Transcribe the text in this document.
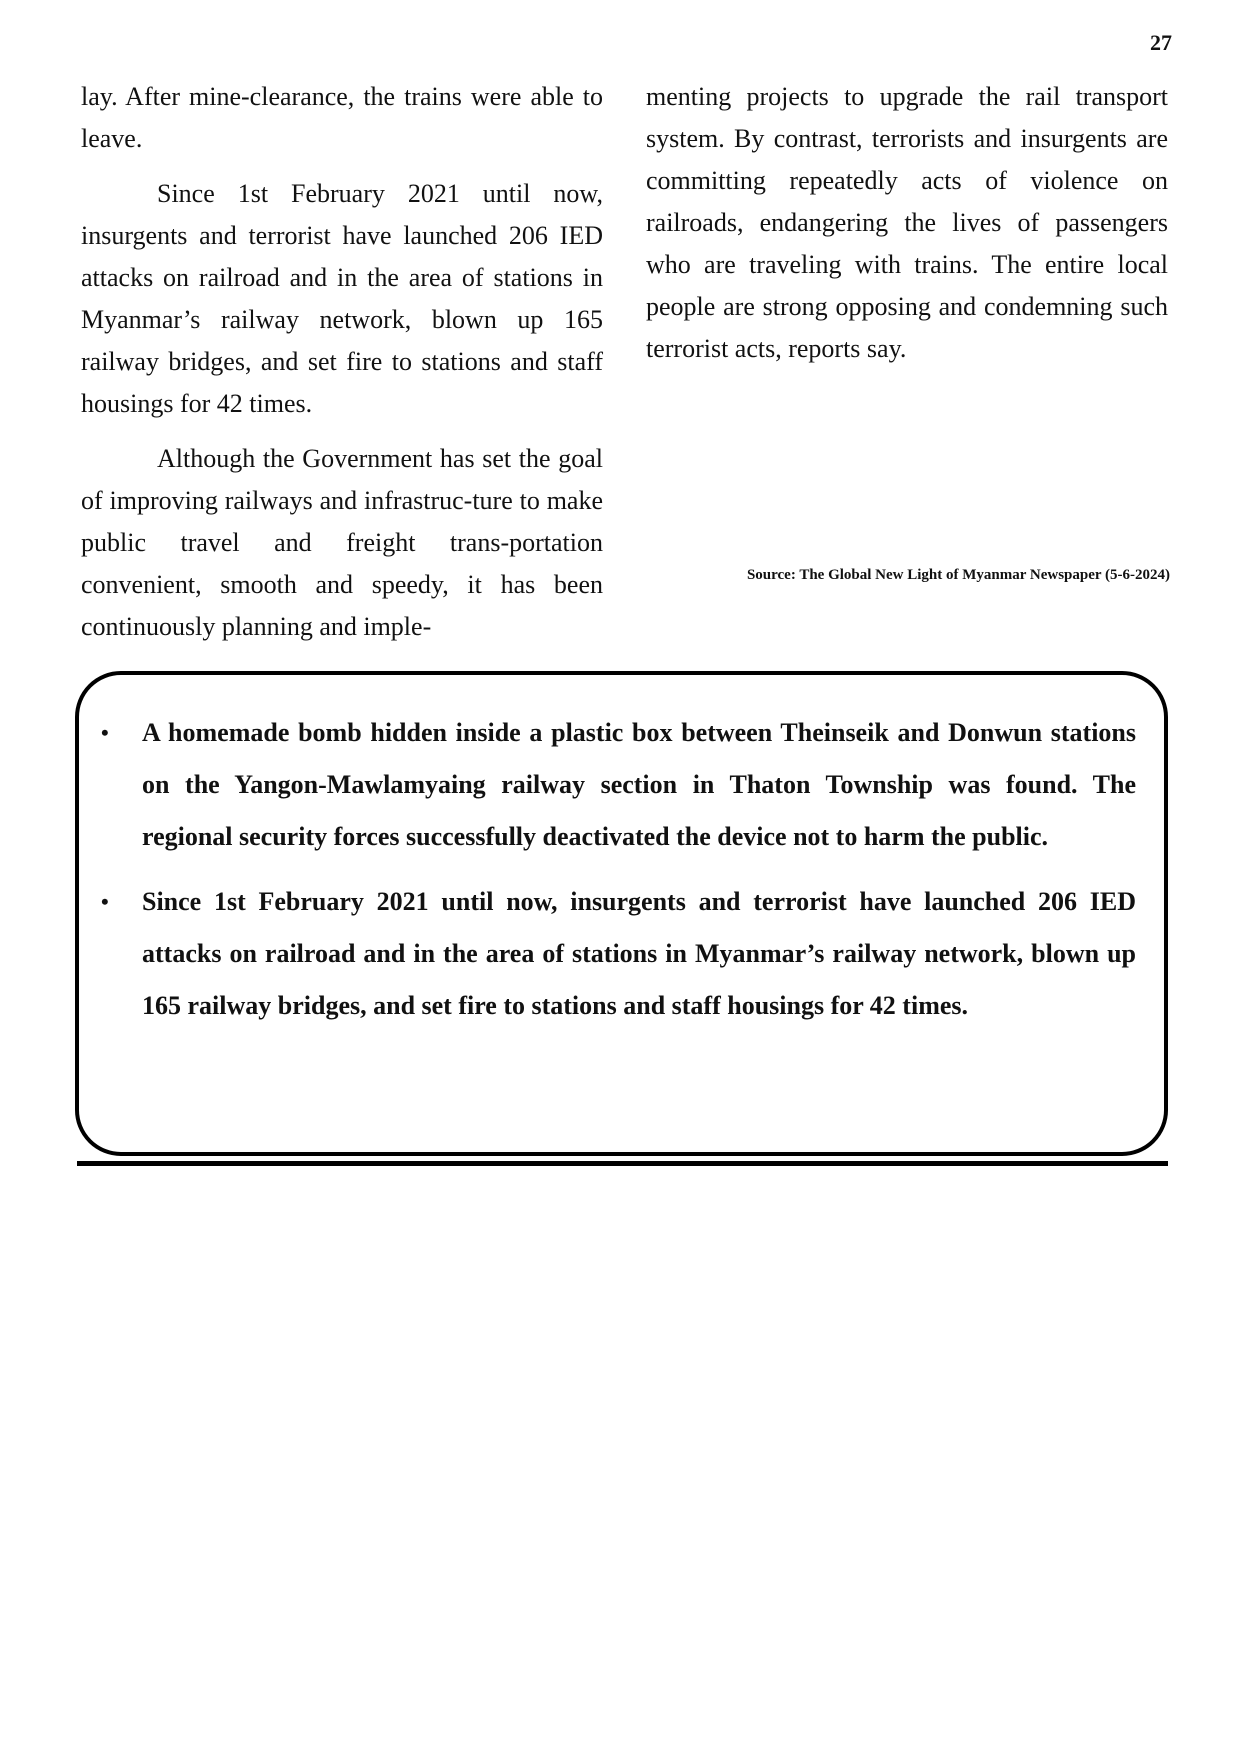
27

lay. After mine-clearance, the trains were able to leave.

Since 1st February 2021 until now, insurgents and terrorist have launched 206 IED attacks on railroad and in the area of stations in Myanmar’s railway network, blown up 165 railway bridges, and set fire to stations and staff housings for 42 times.

Although the Government has set the goal of improving railways and infrastruc-ture to make public travel and freight trans-portation convenient, smooth and speedy, it has been continuously planning and imple-

menting projects to upgrade the rail transport system. By contrast, terrorists and insurgents are committing repeatedly acts of violence on railroads, endangering the lives of passengers who are traveling with trains. The entire local people are strong opposing and condemning such terrorist acts, reports say.

Source: The Global New Light of Myanmar Newspaper (5-6-2024)
• A homemade bomb hidden inside a plastic box between Theinseik and Donwun stations on the Yangon-Mawlamyaing railway section in Thaton Township was found. The regional security forces successfully deactivated the device not to harm the public.
• Since 1st February 2021 until now, insurgents and terrorist have launched 206 IED attacks on railroad and in the area of stations in Myanmar’s railway network, blown up 165 railway bridges, and set fire to stations and staff housings for 42 times.
